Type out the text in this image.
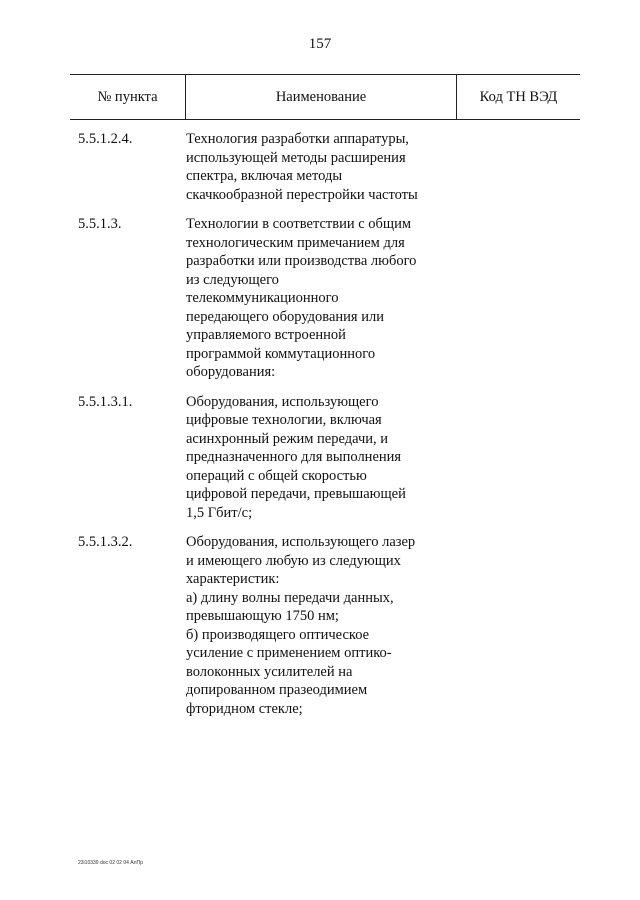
157
№ пункта	Наименование	Код ТН ВЭД
5.5.1.2.4.	Технология разработки аппаратуры,
использующей методы расширения
спектра, включая методы
скачкообразной перестройки частоты
5.5.1.3.	Технологии в соответствии с общим
технологическим примечанием для
разработки или производства любого
из следующего
телекоммуникационного
передающего оборудования или
управляемого встроенной
программой коммутационного
оборудования:
5.5.1.3.1.	Оборудования, использующего
цифровые технологии, включая
асинхронный режим передачи, и
предназначенного для выполнения
операций с общей скоростью
цифровой передачи, превышающей
1,5 Гбит/с;
5.5.1.3.2.	Оборудования, использующего лазер
и имеющего любую из следующих
характеристик:
а) длину волны передачи данных,
превышающую 1750 нм;
б) производящего оптическое
усиление с применением оптико-
волоконных усилителей на
допированном празеодимием
фторидном стекле;
23i10339 doc 02 02 04 АлПр
